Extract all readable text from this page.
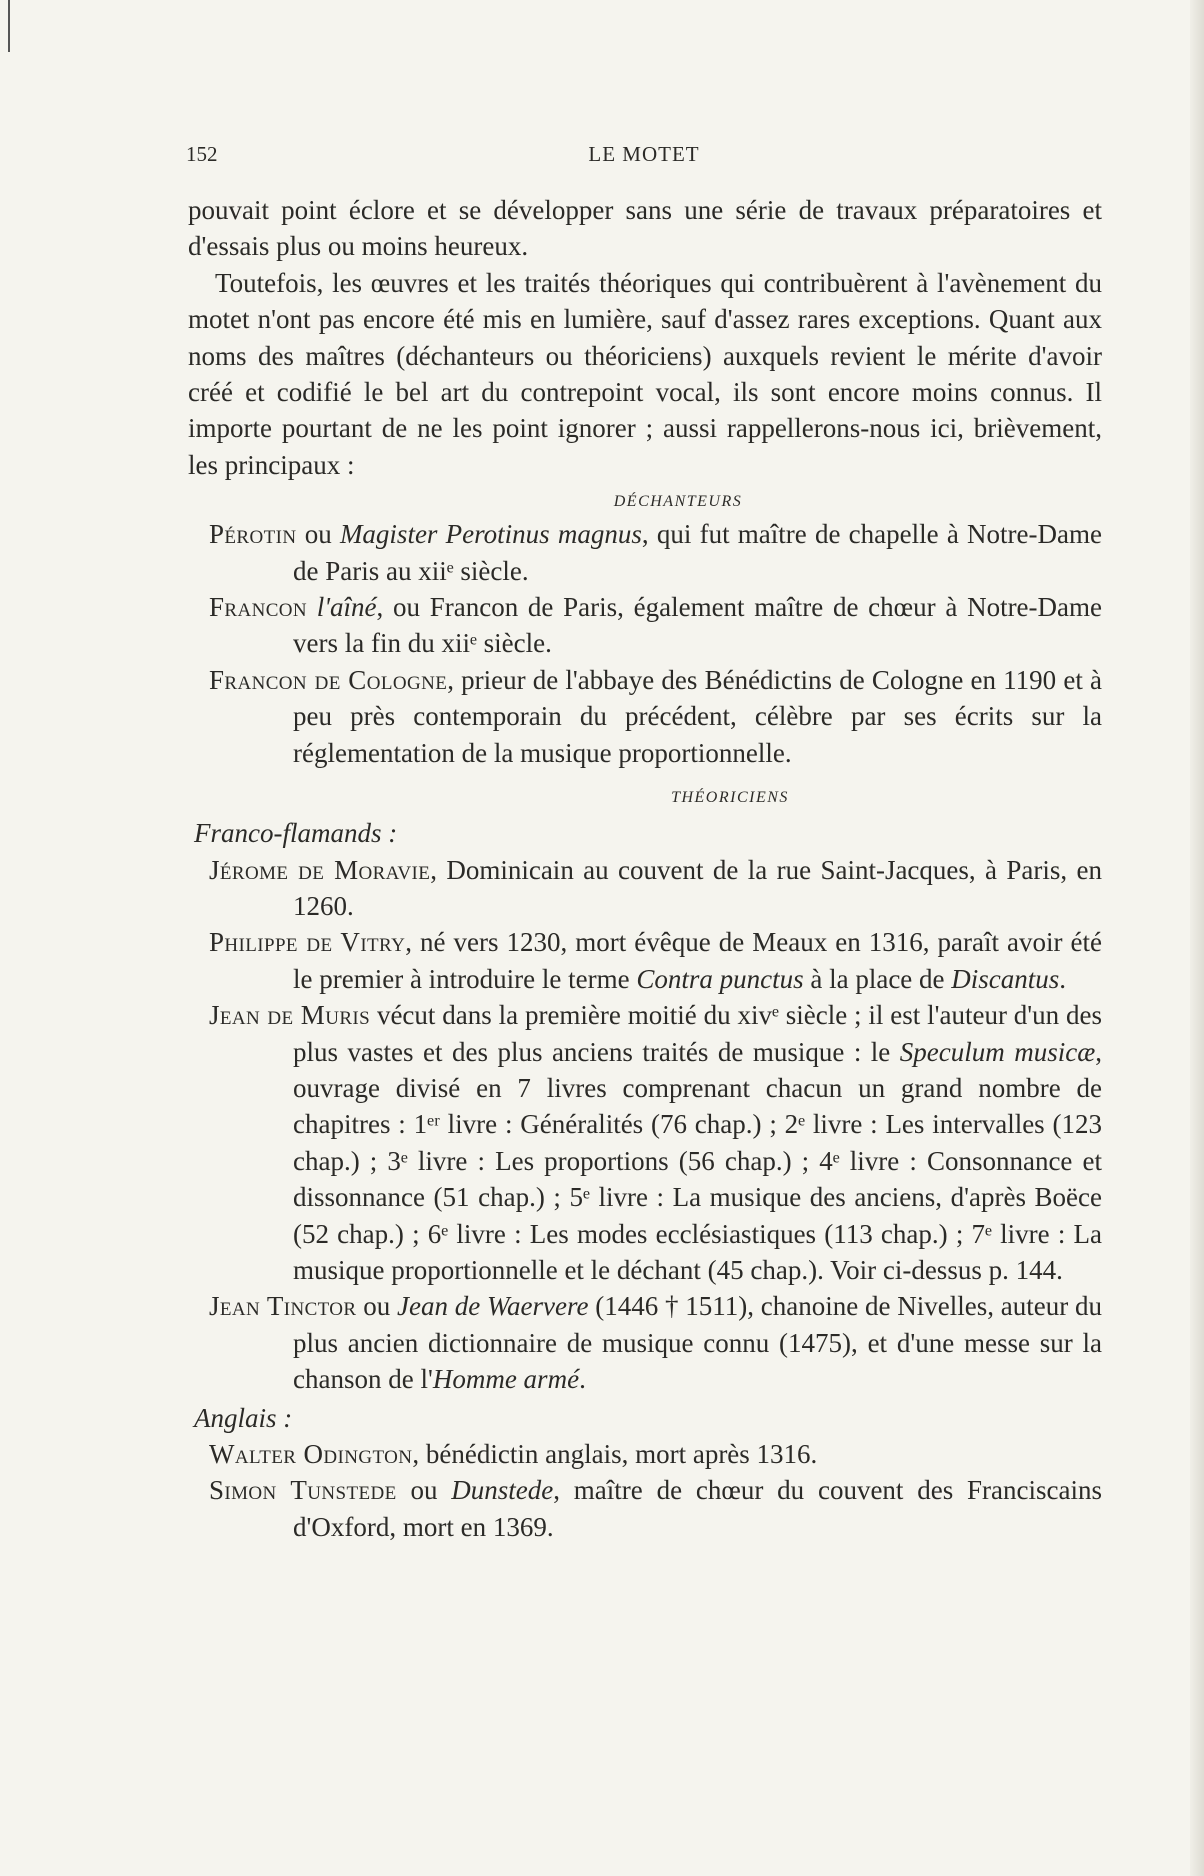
152	LE MOTET

pouvait point éclore et se développer sans une série de travaux préparatoires et d'essais plus ou moins heureux.

Toutefois, les œuvres et les traités théoriques qui contribuèrent à l'avènement du motet n'ont pas encore été mis en lumière, sauf d'assez rares exceptions. Quant aux noms des maîtres (déchanteurs ou théoriciens) auxquels revient le mérite d'avoir créé et codifié le bel art du contrepoint vocal, ils sont encore moins connus. Il importe pourtant de ne les point ignorer ; aussi rappellerons-nous ici, brièvement, les principaux :

DÉCHANTEURS

Pérotin ou Magister Perotinus magnus, qui fut maître de chapelle à Notre-Dame de Paris au xiiᵉ siècle.

Francon l'aîné, ou Francon de Paris, également maître de chœur à Notre-Dame vers la fin du xiiᵉ siècle.

Francon de Cologne, prieur de l'abbaye des Bénédictins de Cologne en 1190 et à peu près contemporain du précédent, célèbre par ses écrits sur la réglementation de la musique proportionnelle.

THÉORICIENS

Franco-flamands :

Jérome de Moravie, Dominicain au couvent de la rue Saint-Jacques, à Paris, en 1260.

Philippe de Vitry, né vers 1230, mort évêque de Meaux en 1316, paraît avoir été le premier à introduire le terme Contra punctus à la place de Discantus.

Jean de Muris vécut dans la première moitié du xivᵉ siècle ; il est l'auteur d'un des plus vastes et des plus anciens traités de musique : le Speculum musicæ, ouvrage divisé en 7 livres comprenant chacun un grand nombre de chapitres : 1ᵉʳ livre : Généralités (76 chap.) ; 2ᵉ livre : Les intervalles (123 chap.) ; 3ᵉ livre : Les proportions (56 chap.) ; 4ᵉ livre : Consonnance et dissonnance (51 chap.) ; 5ᵉ livre : La musique des anciens, d'après Boëce (52 chap.) ; 6ᵉ livre : Les modes ecclésiastiques (113 chap.) ; 7ᵉ livre : La musique proportionnelle et le déchant (45 chap.). Voir ci-dessus p. 144.

Jean Tinctor ou Jean de Waervere (1446 † 1511), chanoine de Nivelles, auteur du plus ancien dictionnaire de musique connu (1475), et d'une messe sur la chanson de l'Homme armé.

Anglais :

Walter Odington, bénédictin anglais, mort après 1316.

Simon Tunstede ou Dunstede, maître de chœur du couvent des Franciscains d'Oxford, mort en 1369.
